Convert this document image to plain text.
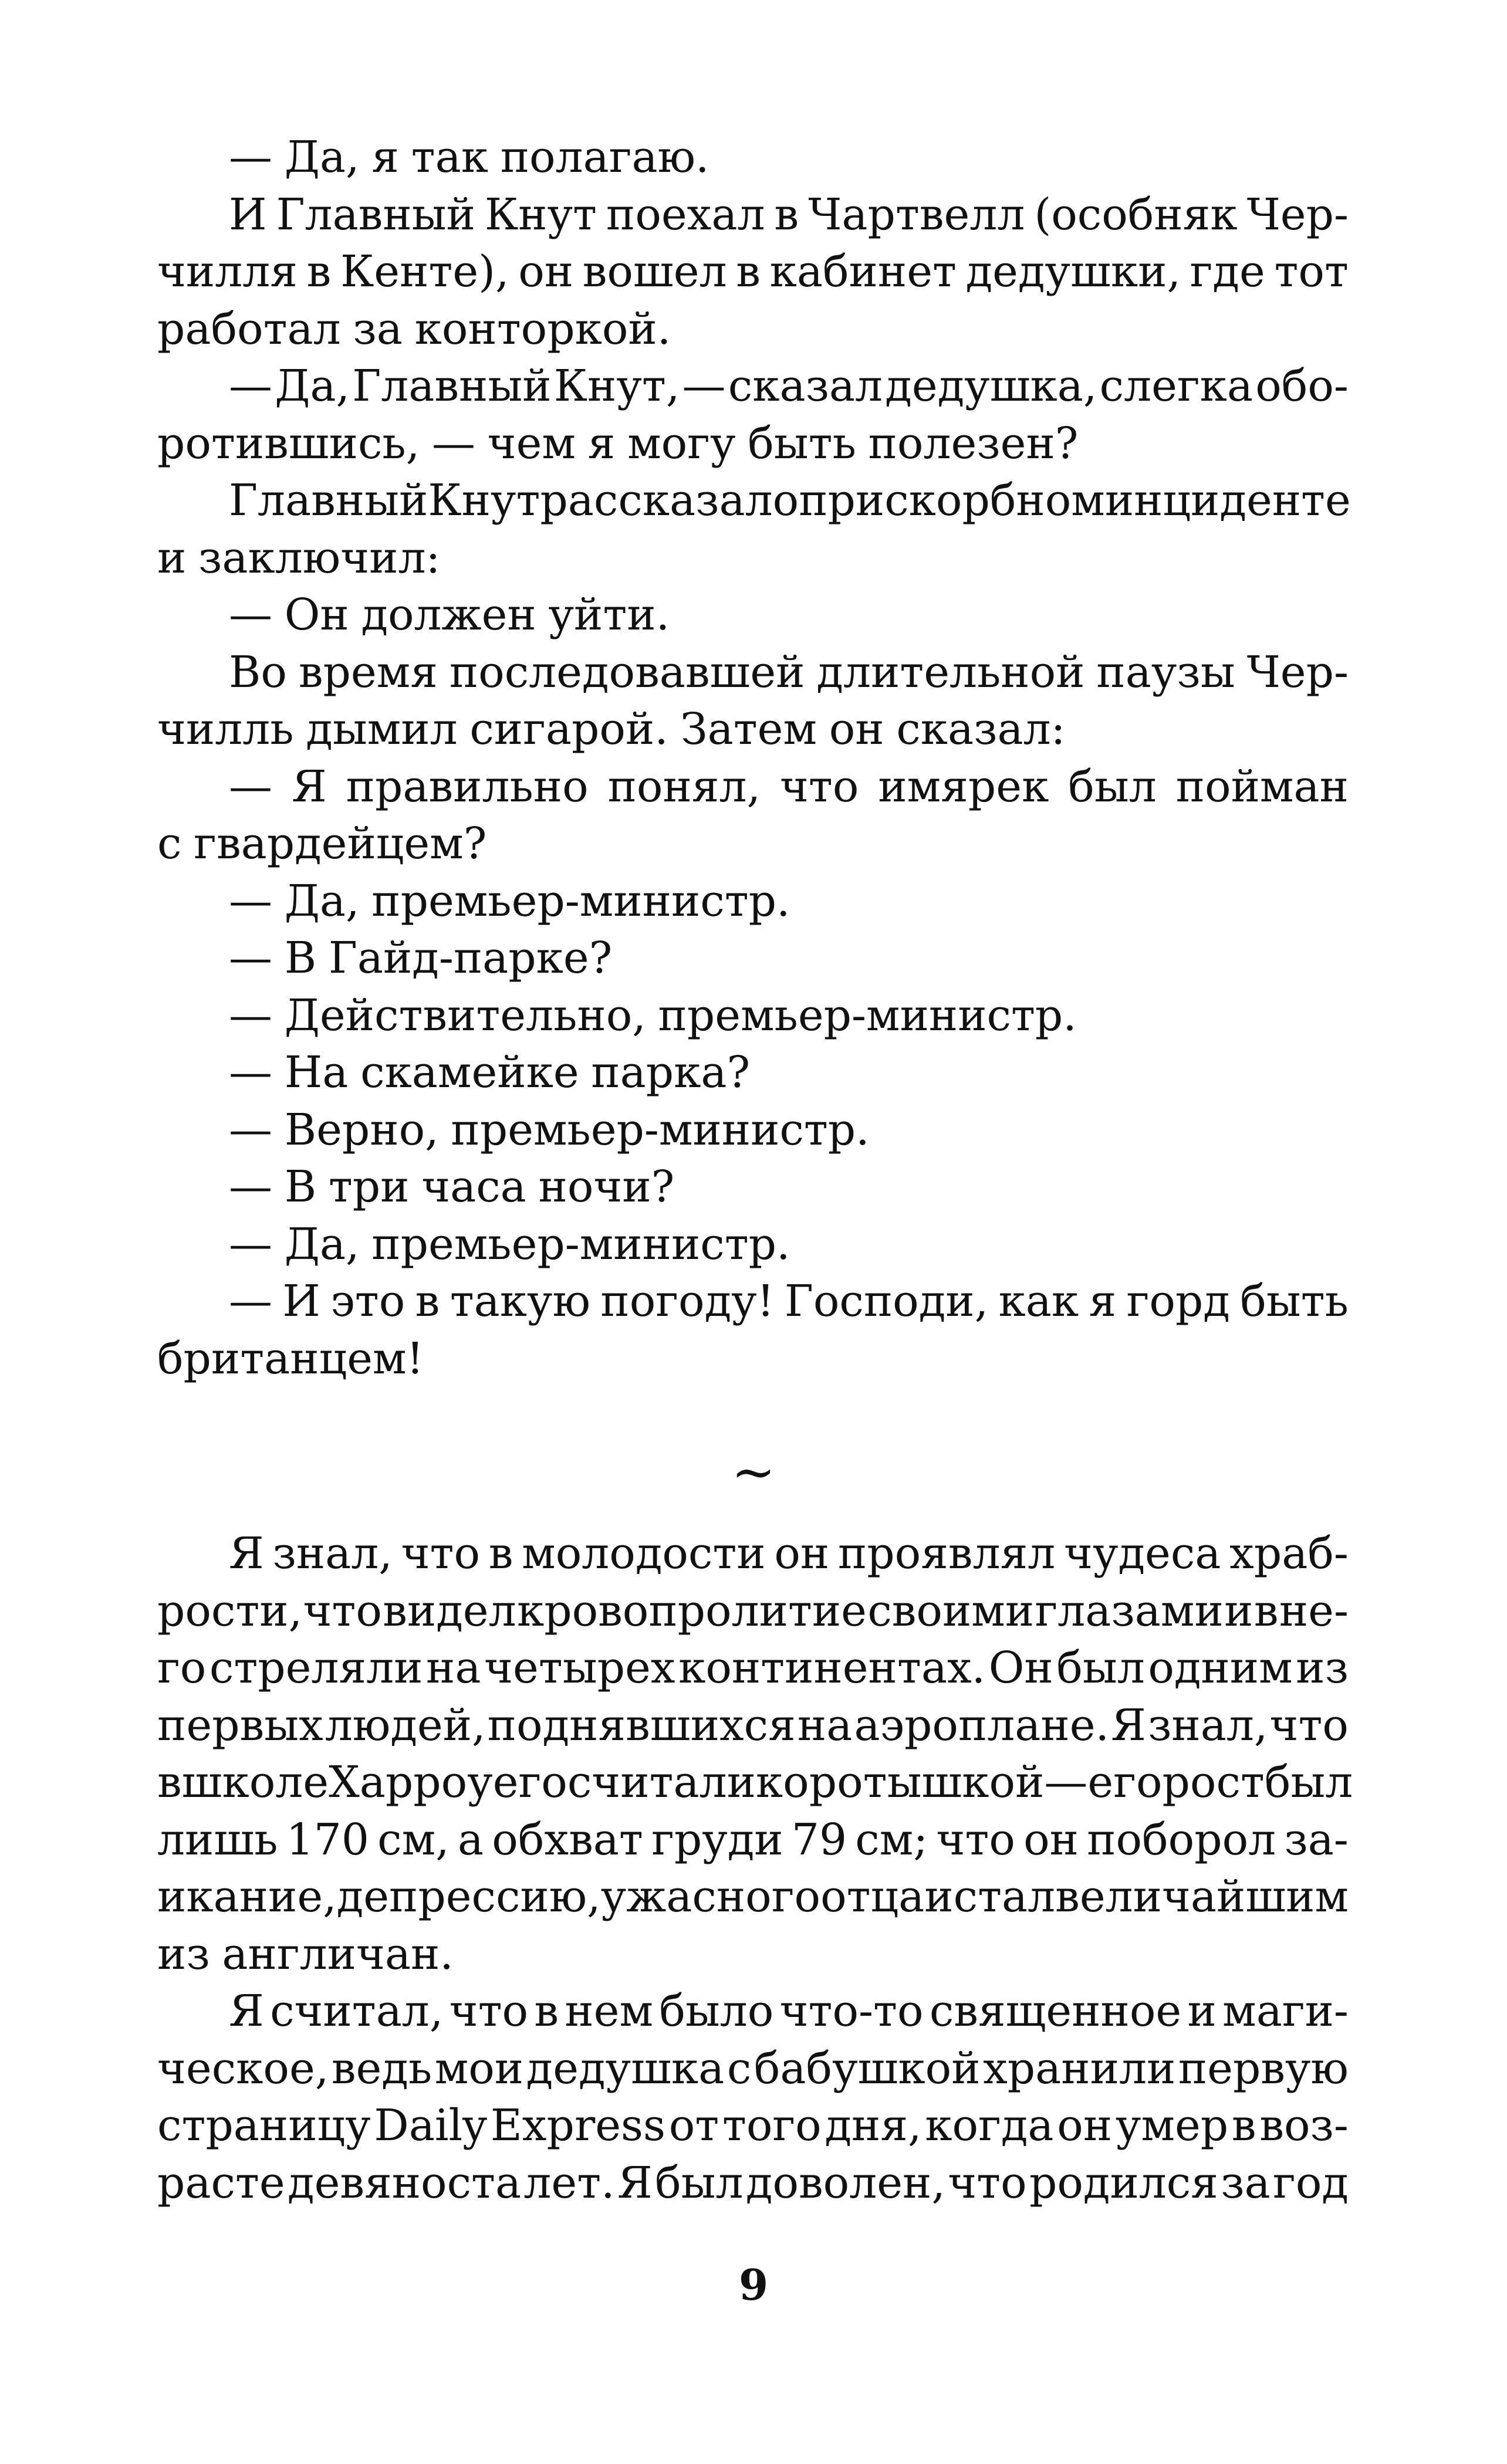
— Да, я так полагаю.
И Главный Кнут поехал в Чартвелл (особняк Чер-
чилля в Кенте), он вошел в кабинет дедушки, где тот
работал за конторкой.
— Да, Главный Кнут, — сказал дедушка, слегка обо-
ротившись, — чем я могу быть полезен?
Главный Кнут рассказал о прискорбном инциденте
и заключил:
— Он должен уйти.
Во время последовавшей длительной паузы Чер-
чилль дымил сигарой. Затем он сказал:
— Я правильно понял, что имярек был пойман
с гвардейцем?
— Да, премьер-министр.
— В Гайд-парке?
— Действительно, премьер-министр.
— На скамейке парка?
— Верно, премьер-министр.
— В три часа ночи?
— Да, премьер-министр.
— И это в такую погоду! Господи, как я горд быть
британцем!
~
Я знал, что в молодости он проявлял чудеса храб-
рости, что видел кровопролитие своими глазами и в не-
го стреляли на четырех континентах. Он был одним из
первых людей, поднявшихся на аэроплане. Я знал, что
в школе Харроу его считали коротышкой — его рост был
лишь 170 см, а обхват груди 79 см; что он поборол за-
икание, депрессию, ужасного отца и стал величайшим
из англичан.
Я считал, что в нем было что-то священное и маги-
ческое, ведь мои дедушка с бабушкой хранили первую
страницу Daily Express от того дня, когда он умер в воз-
расте девяноста лет. Я был доволен, что родился за год
9
